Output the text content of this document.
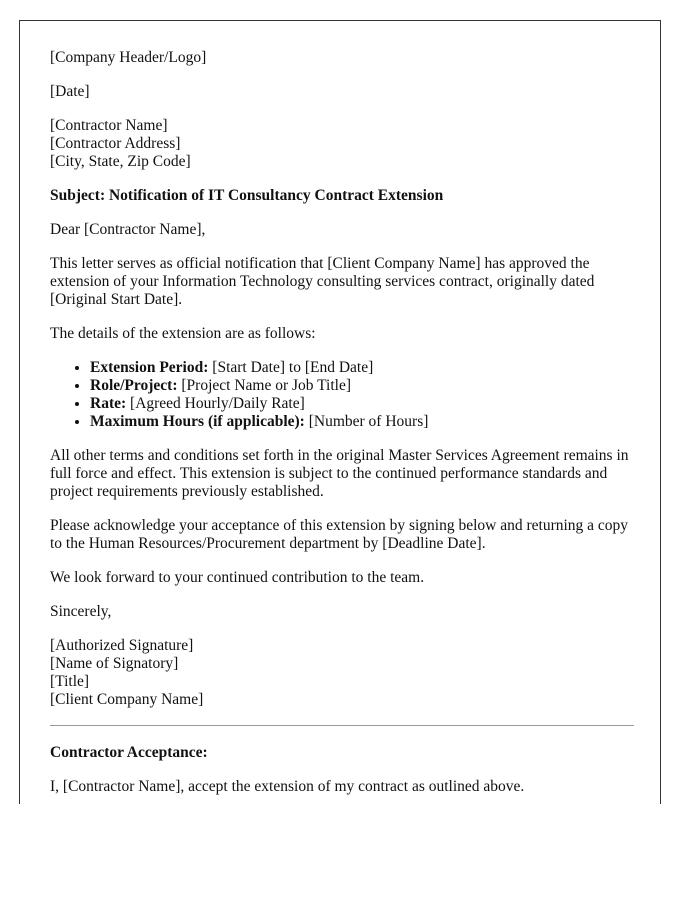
[Company Header/Logo]

[Date]

[Contractor Name]
[Contractor Address]
[City, State, Zip Code]

Subject: Notification of IT Consultancy Contract Extension

Dear [Contractor Name],

This letter serves as official notification that [Client Company Name] has approved the extension of your Information Technology consulting services contract, originally dated [Original Start Date].

The details of the extension are as follows:

• Extension Period: [Start Date] to [End Date]
• Role/Project: [Project Name or Job Title]
• Rate: [Agreed Hourly/Daily Rate]
• Maximum Hours (if applicable): [Number of Hours]

All other terms and conditions set forth in the original Master Services Agreement remains in full force and effect. This extension is subject to the continued performance standards and project requirements previously established.

Please acknowledge your acceptance of this extension by signing below and returning a copy to the Human Resources/Procurement department by [Deadline Date].

We look forward to your continued contribution to the team.

Sincerely,

[Authorized Signature]
[Name of Signatory]
[Title]
[Client Company Name]

Contractor Acceptance:

I, [Contractor Name], accept the extension of my contract as outlined above.
